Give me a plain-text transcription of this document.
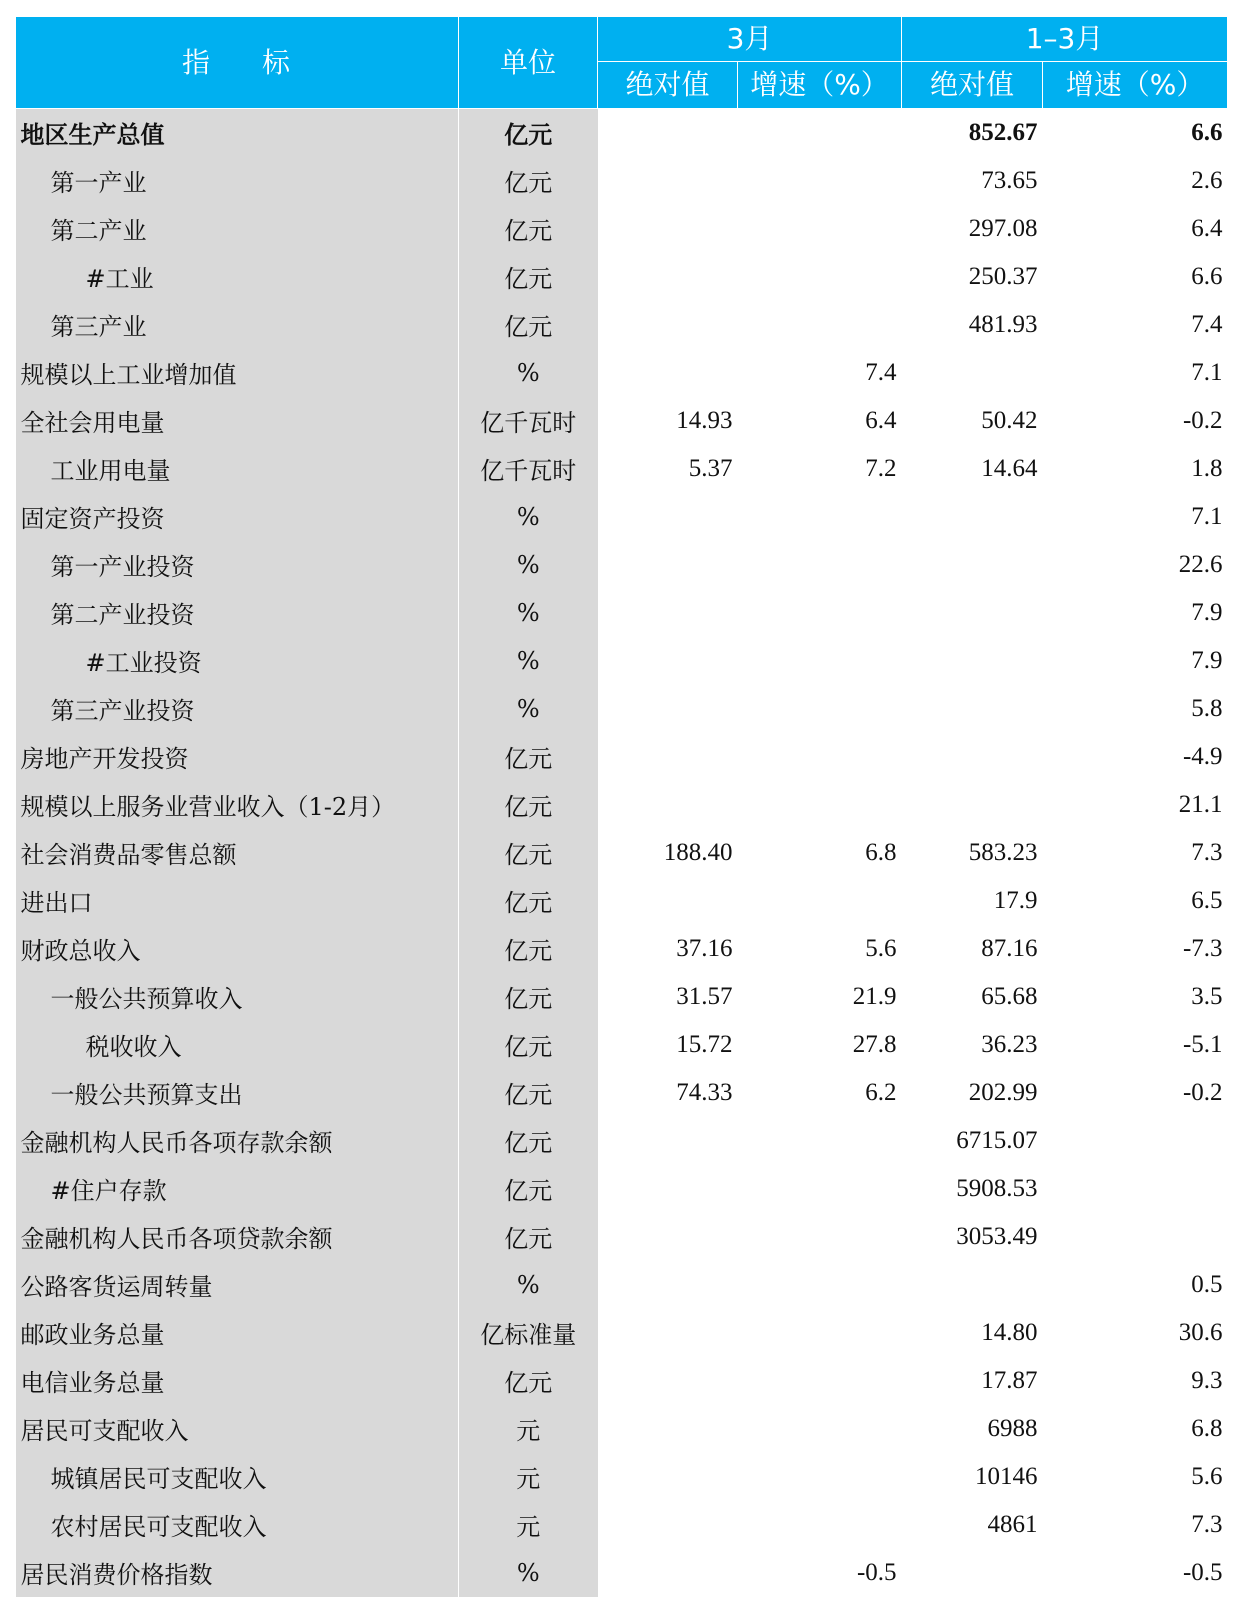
指　标	单位	3月		1–3月	
		绝对值	增速（%）	绝对值	增速（%）
地区生产总值	亿元			852.67	6.6
第一产业	亿元			73.65	2.6
第二产业	亿元			297.08	6.4
#工业	亿元			250.37	6.6
第三产业	亿元			481.93	7.4
规模以上工业增加值	%		7.4		7.1
全社会用电量	亿千瓦时	14.93	6.4	50.42	-0.2
工业用电量	亿千瓦时	5.37	7.2	14.64	1.8
固定资产投资	%				7.1
第一产业投资	%				22.6
第二产业投资	%				7.9
#工业投资	%				7.9
第三产业投资	%				5.8
房地产开发投资	亿元				-4.9
规模以上服务业营业收入（1-2月）	亿元				21.1
社会消费品零售总额	亿元	188.40	6.8	583.23	7.3
进出口	亿元			17.9	6.5
财政总收入	亿元	37.16	5.6	87.16	-7.3
一般公共预算收入	亿元	31.57	21.9	65.68	3.5
税收收入	亿元	15.72	27.8	36.23	-5.1
一般公共预算支出	亿元	74.33	6.2	202.99	-0.2
金融机构人民币各项存款余额	亿元			6715.07	
#住户存款	亿元			5908.53	
金融机构人民币各项贷款余额	亿元			3053.49	
公路客货运周转量	%				0.5
邮政业务总量	亿标准量			14.80	30.6
电信业务总量	亿元			17.87	9.3
居民可支配收入	元			6988	6.8
城镇居民可支配收入	元			10146	5.6
农村居民可支配收入	元			4861	7.3
居民消费价格指数	%		-0.5		-0.5
